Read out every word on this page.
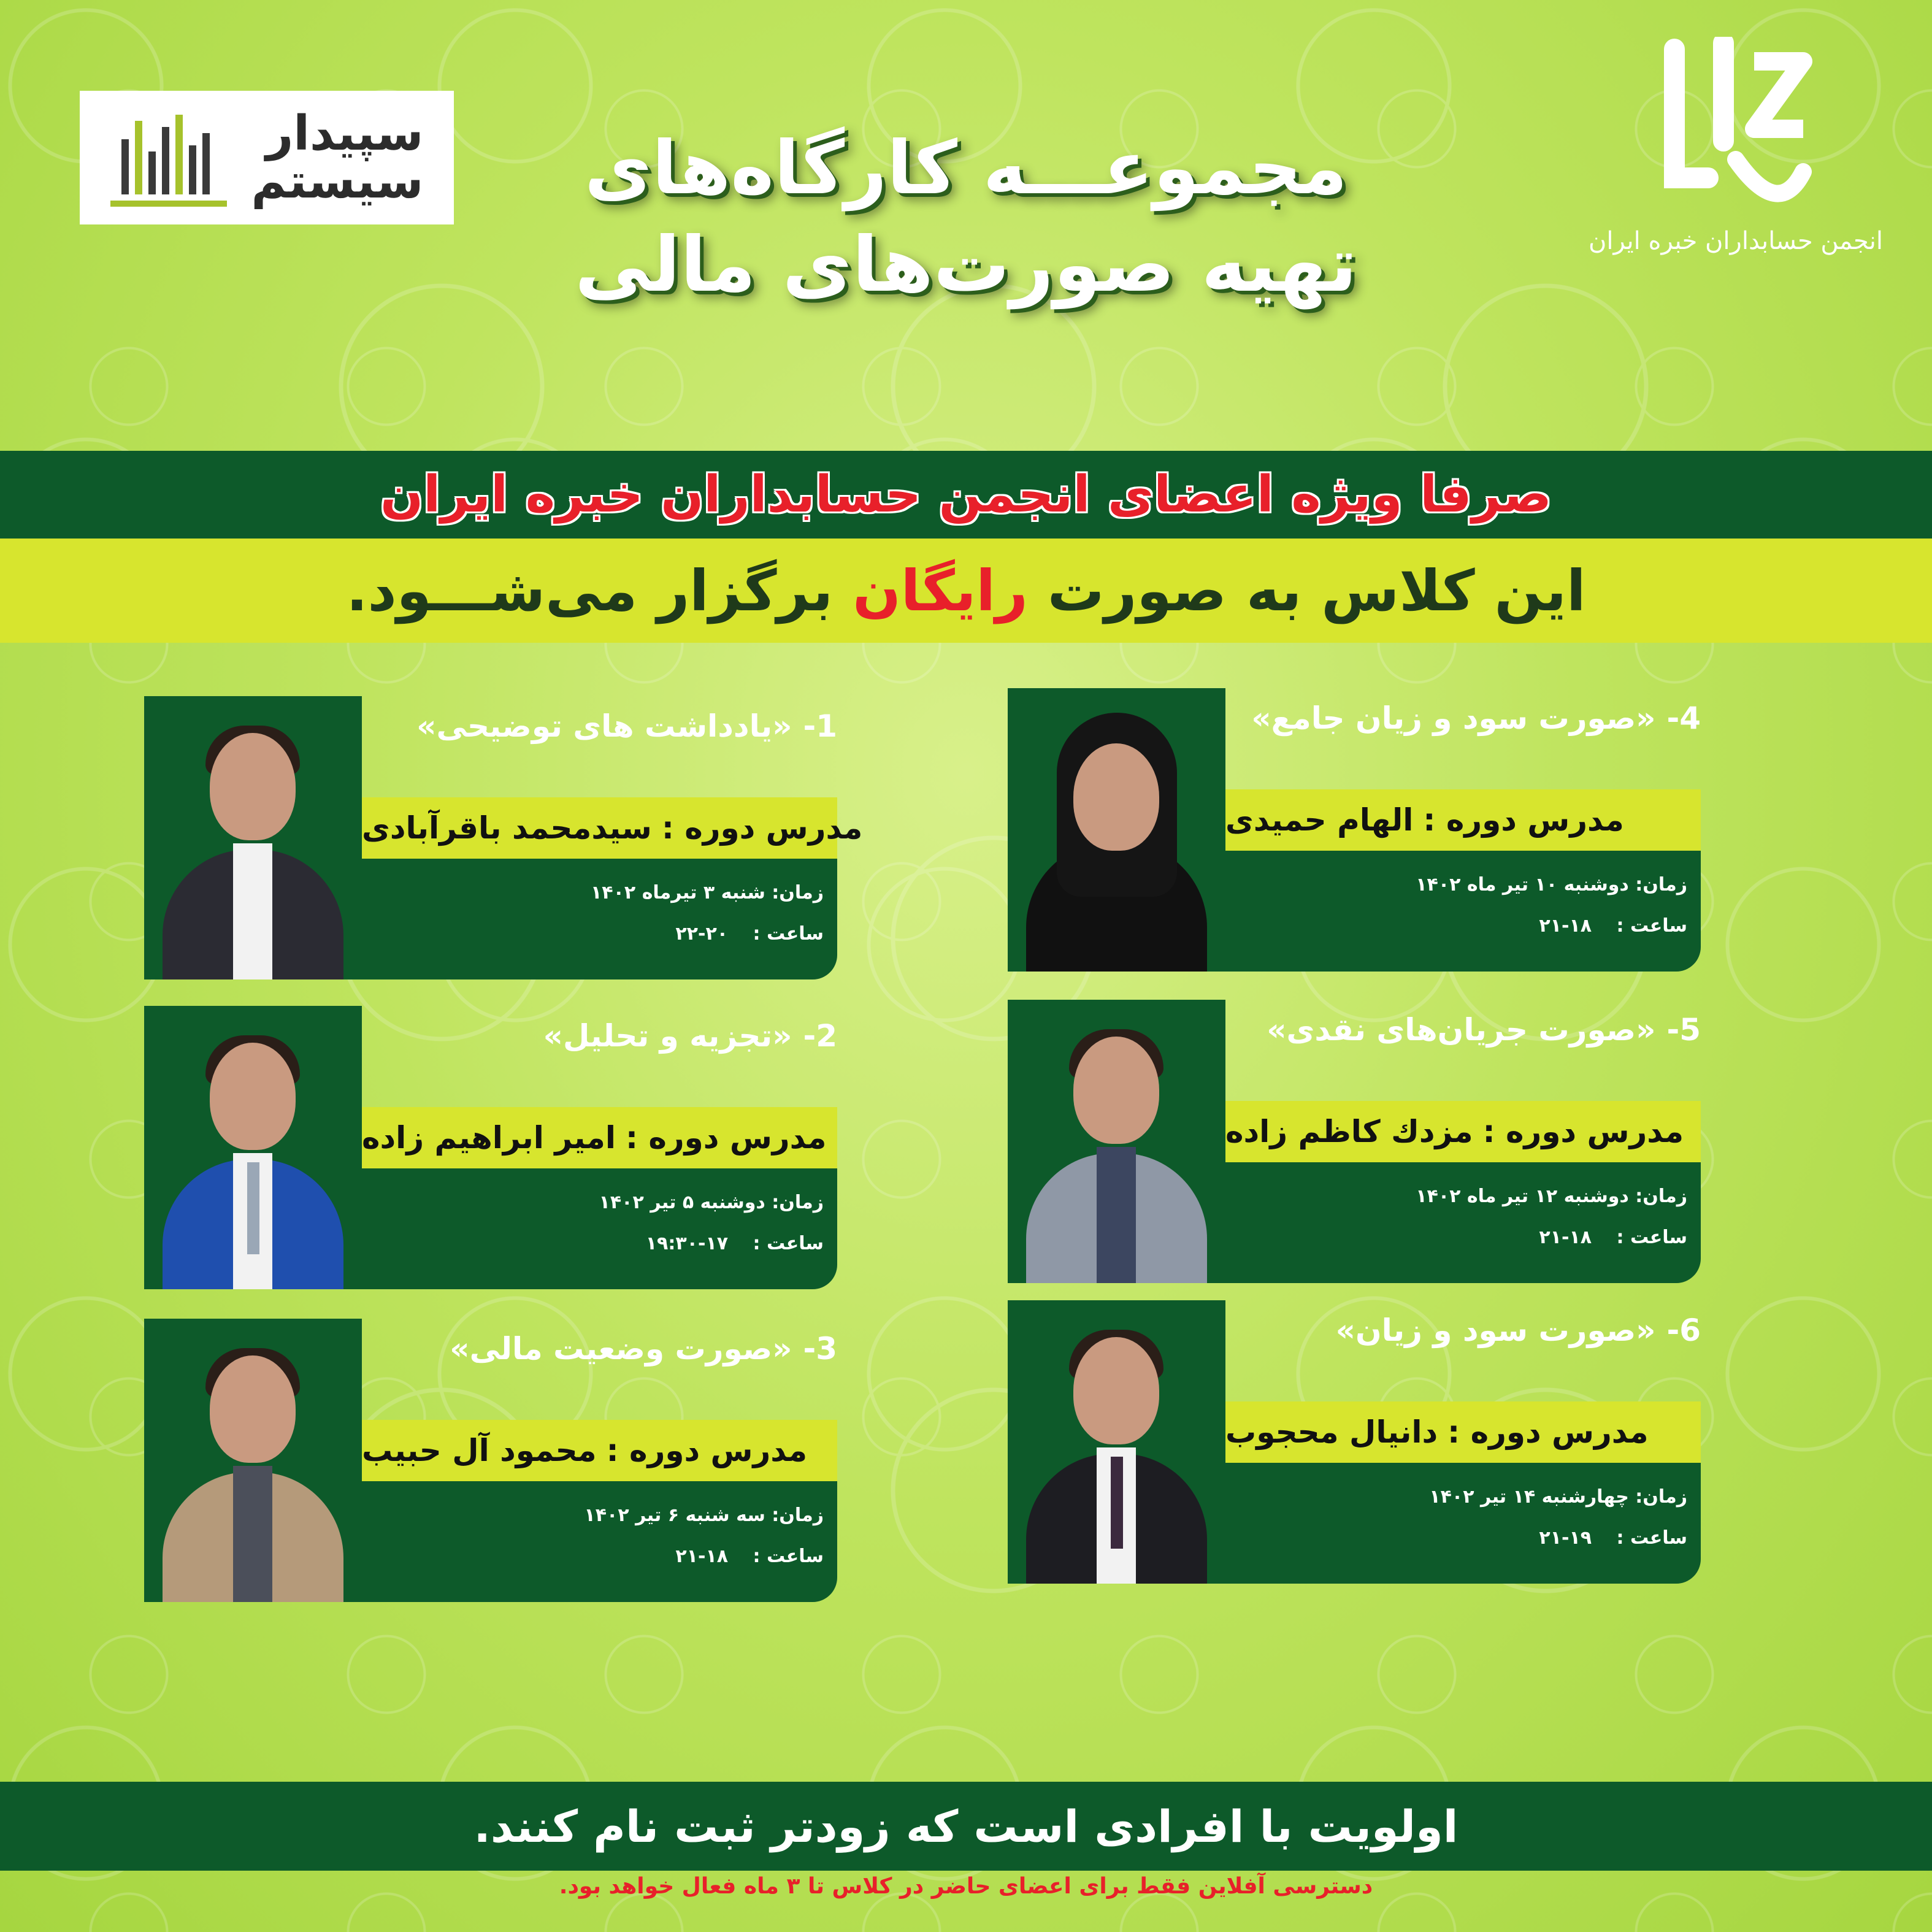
سپیدار
سیستم	مجموعـــه کارگاه‌های
تهیه صورت‌های مالی	انجمن حسابداران خبره ایران
صرفا ویژه اعضای انجمن حسابداران خبره ایران
این کلاس به صورت

رایگان

برگزار می‌شـــود.
1-«یادداشت های توضیحی»
مدرس دوره :
سیدمحمد باقرآبادی
زمان: شنبه ۳ تیرماه ۱۴۰۲
ساعت : ۲۰-۲۲
2-«تجزیه و تحلیل»
مدرس دوره :
امیر ابراهیم زاده
زمان: دوشنبه ۵ تیر ۱۴۰۲
ساعت : ۱۷-۱۹:۳۰
3-«صورت وضعیت مالی»
مدرس دوره :
محمود آل حبیب
زمان: سه شنبه ۶ تیر ۱۴۰۲
ساعت : ۱۸-۲۱
4-«صورت سود و زیان جامع»
مدرس دوره :
الهام حمیدی
زمان: دوشنبه ۱۰ تیر ماه ۱۴۰۲
ساعت : ۱۸-۲۱
5-«صورت جریان‌های نقدی»
مدرس دوره :
مزدك کاظم زاده
زمان: دوشنبه ۱۲ تیر ماه ۱۴۰۲
ساعت : ۱۸-۲۱
6-«صورت سود و زیان»
مدرس دوره :
دانیال محجوب
زمان: چهارشنبه ۱۴ تیر ۱۴۰۲
ساعت : ۱۹-۲۱
اولویت با افرادی است که زودتر ثبت نام کنند.
دسترسی آفلاین فقط برای اعضای حاضر در کلاس تا ۳ ماه فعال خواهد بود.
